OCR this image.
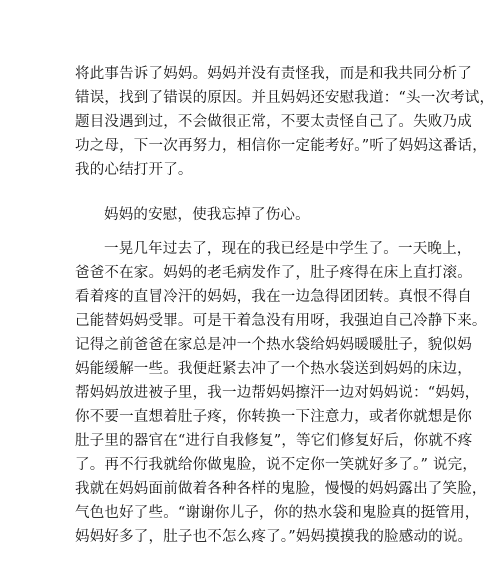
将此事告诉了妈妈。妈妈并没有责怪我，而是和我共同分析了
错误，找到了错误的原因。并且妈妈还安慰我道：“头一次考试，
题目没遇到过，不会做很正常，不要太责怪自己了。失败乃成
功之母，下一次再努力，相信你一定能考好。”听了妈妈这番话，
我的心结打开了。
妈妈的安慰，使我忘掉了伤心。
一晃几年过去了，现在的我已经是中学生了。一天晚上，
爸爸不在家。妈妈的老毛病发作了，肚子疼得在床上直打滚。
看着疼的直冒冷汗的妈妈，我在一边急得团团转。真恨不得自
己能替妈妈受罪。可是干着急没有用呀，我强迫自己冷静下来。
记得之前爸爸在家总是冲一个热水袋给妈妈暖暖肚子，貌似妈
妈能缓解一些。我便赶紧去冲了一个热水袋送到妈妈的床边，
帮妈妈放进被子里，我一边帮妈妈擦汗一边对妈妈说：“妈妈，
你不要一直想着肚子疼，你转换一下注意力，或者你就想是你
肚子里的器官在“进行自我修复”，等它们修复好后，你就不疼
了。再不行我就给你做鬼脸，说不定你一笑就好多了。” 说完，
我就在妈妈面前做着各种各样的鬼脸，慢慢的妈妈露出了笑脸，
气色也好了些。“谢谢你儿子，你的热水袋和鬼脸真的挺管用，
妈妈好多了，肚子也不怎么疼了。”妈妈摸摸我的脸感动的说。
